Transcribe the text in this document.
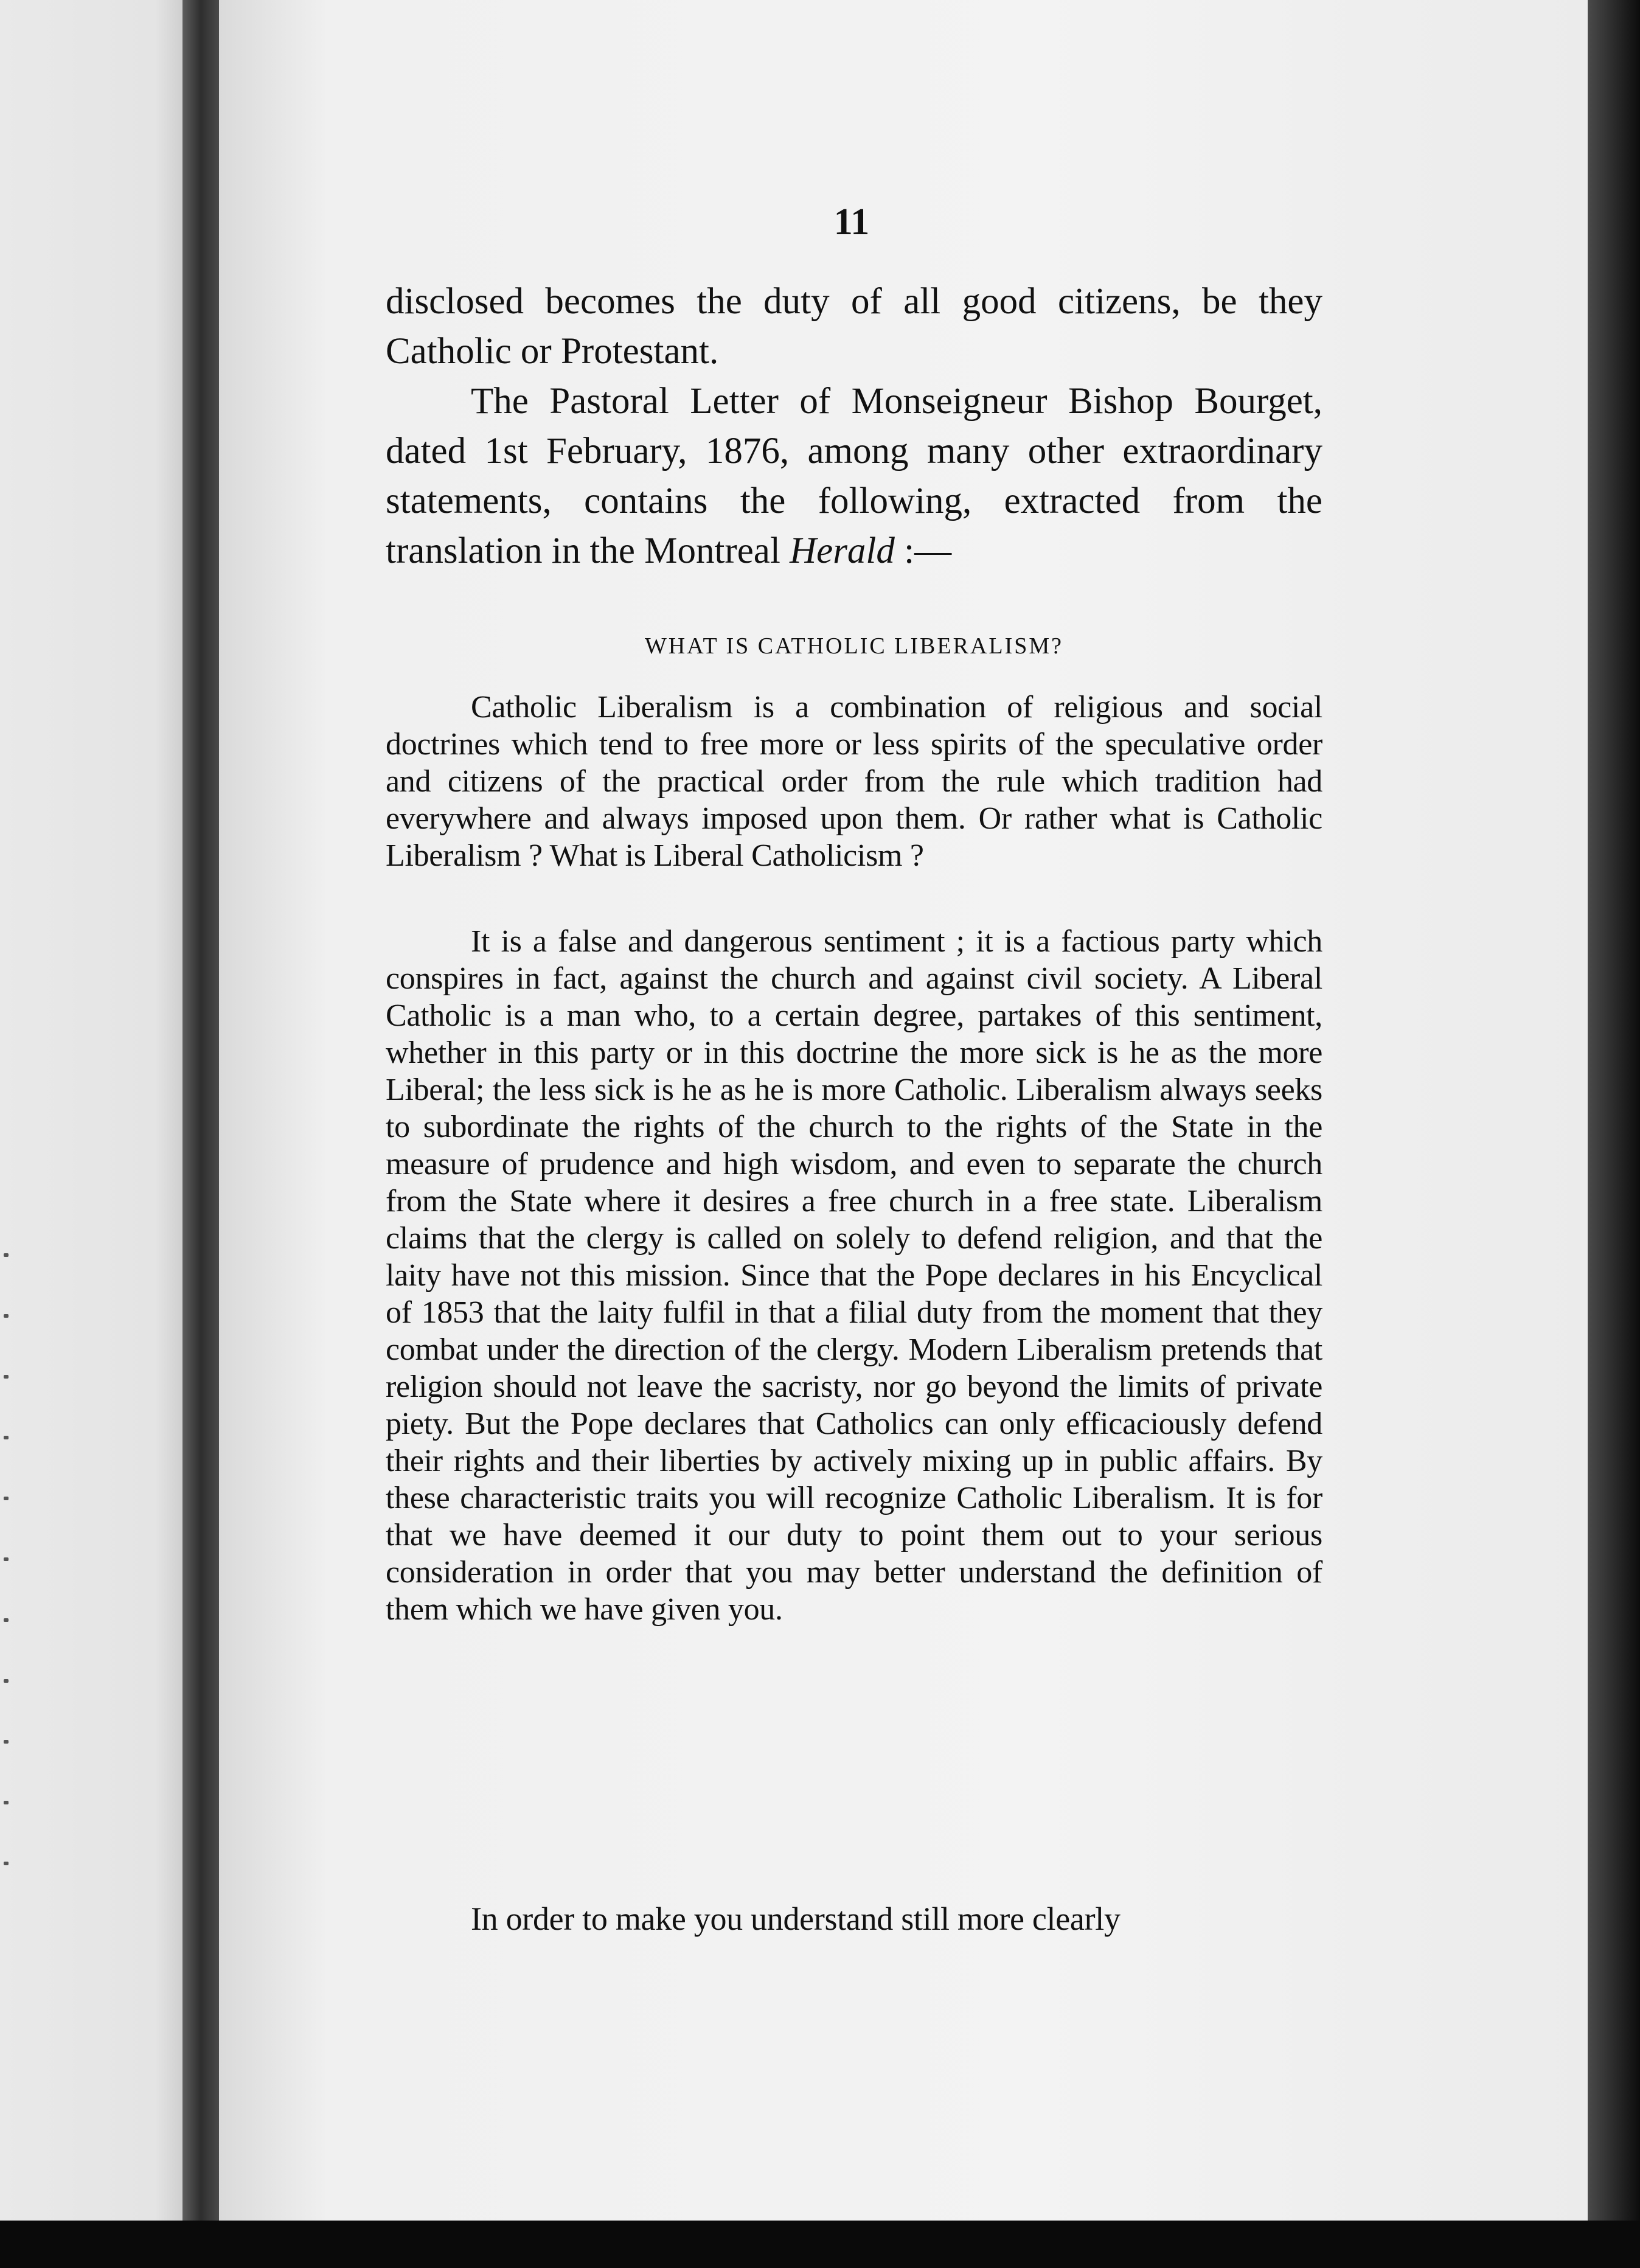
11

disclosed becomes the duty of all good citizens, be they Catholic or Protestant.

The Pastoral Letter of Monseigneur Bishop Bourget, dated 1st February, 1876, among many other extraordinary statements, contains the following, extracted from the translation in the Montreal Herald :—

WHAT IS CATHOLIC LIBERALISM?

Catholic Liberalism is a combination of religious and social doctrines which tend to free more or less spirits of the speculative order and citizens of the practical order from the rule which tradition had everywhere and always imposed upon them. Or rather what is Catholic Liberalism ? What is Liberal Catholicism ?

It is a false and dangerous sentiment ; it is a factious party which conspires in fact, against the church and against civil society. A Liberal Catholic is a man who, to a certain degree, partakes of this sentiment, whether in this party or in this doctrine the more sick is he as the more Liberal; the less sick is he as he is more Catholic. Liberalism always seeks to subordinate the rights of the church to the rights of the State in the measure of prudence and high wisdom, and even to separate the church from the State where it desires a free church in a free state. Liberalism claims that the clergy is called on solely to defend religion, and that the laity have not this mission. Since that the Pope declares in his Encyclical of 1853 that the laity fulfil in that a filial duty from the moment that they combat under the direction of the clergy. Modern Liberalism pretends that religion should not leave the sacristy, nor go beyond the limits of private piety. But the Pope declares that Catholics can only efficaciously defend their rights and their liberties by actively mixing up in public affairs. By these characteristic traits you will recognize Catholic Liberalism. It is for that we have deemed it our duty to point them out to your serious consideration in order that you may better understand the definition of them which we have given you.

In order to make you understand still more clearly
